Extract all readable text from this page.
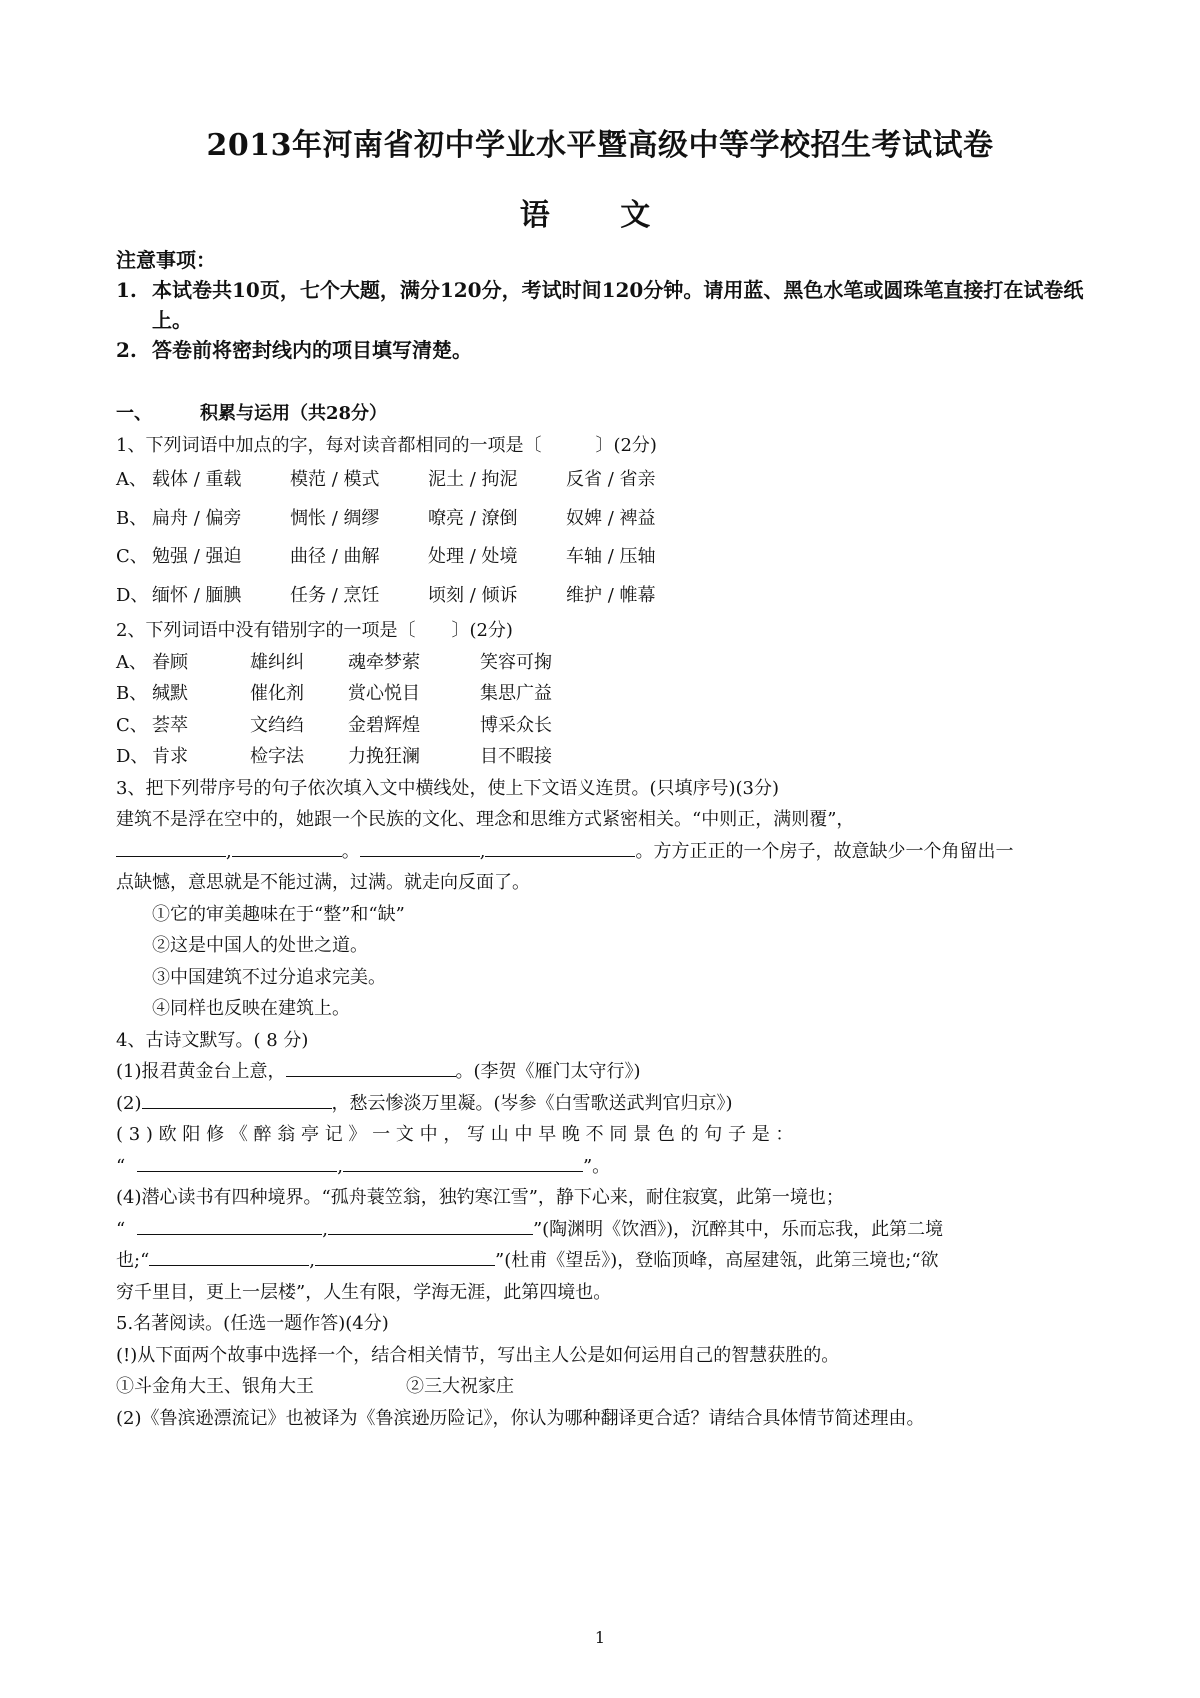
2013年河南省初中学业水平暨高级中等学校招生考试试卷
语 文
注意事项：
1. 本试卷共10页，七个大题，满分120分，考试时间120分钟。请用蓝、黑色水笔或圆珠笔直接打在试卷纸上。
2. 答卷前将密封线内的项目填写清楚。
一、	积累与运用（共28分）
1、下列词语中加点的字，每对读音都相同的一项是〔　　　〕(2分)
A、 载体 / 重载	模范 / 模式	泥土 / 拘泥	反省 / 省亲
B、 扁舟 / 偏旁	惆怅 / 绸缪	嘹亮 / 潦倒	奴婢 / 裨益
C、 勉强 / 强迫	曲径 / 曲解	处理 / 处境	车轴 / 压轴
D、 缅怀 / 腼腆	任务 / 烹饪	顷刻 / 倾诉	维护 / 帷幕
2、下列词语中没有错别字的一项是〔　　〕(2分)
A、 眷顾	雄纠纠	魂牵梦萦	笑容可掬
B、 缄默	催化剂	赏心悦目	集思广益
C、 荟萃	文绉绉	金碧辉煌	博采众长
D、 肯求	检字法	力挽狂澜	目不暇接
3、把下列带序号的句子依次填入文中横线处，使上下文语义连贯。(只填序号)(3分)
建筑不是浮在空中的，她跟一个民族的文化、理念和思维方式紧密相关。“中则正，满则覆”，
,	。	,	。方方正正的一个房子，故意缺少一个角留出一
点缺憾，意思就是不能过满，过满。就走向反面了。
①它的审美趣味在于“整”和“缺”
②这是中国人的处世之道。
③中国建筑不过分追求完美。
④同样也反映在建筑上。
4、古诗文默写。( 8 分)
(1)报君黄金台上意，	。(李贺《雁门太守行》)
(2)	，愁云惨淡万里凝。(岑参《白雪歌送武判官归京》)
( 3 ) 欧 阳 修 《 醉 翁 亭 记 》 一 文 中 ， 写 山 中 早 晚 不 同 景 色 的 句 子 是 ：
“	,	”。
(4)潜心读书有四种境界。“孤舟蓑笠翁，独钓寒江雪”，静下心来，耐住寂寞，此第一境也；
“	,	”(陶渊明《饮酒》)，沉醉其中，乐而忘我，此第二境
也;“	,	”(杜甫《望岳》)，登临顶峰，高屋建瓴，此第三境也;“欲
穷千里目，更上一层楼”，人生有限，学海无涯，此第四境也。
5.名著阅读。(任选一题作答)(4分)
(!)从下面两个故事中选择一个，结合相关情节，写出主人公是如何运用自己的智慧获胜的。
①斗金角大王、银角大王	②三大祝家庄
(2)《鲁滨逊漂流记》也被译为《鲁滨逊历险记》，你认为哪种翻译更合适？请结合具体情节简述理由。
1
